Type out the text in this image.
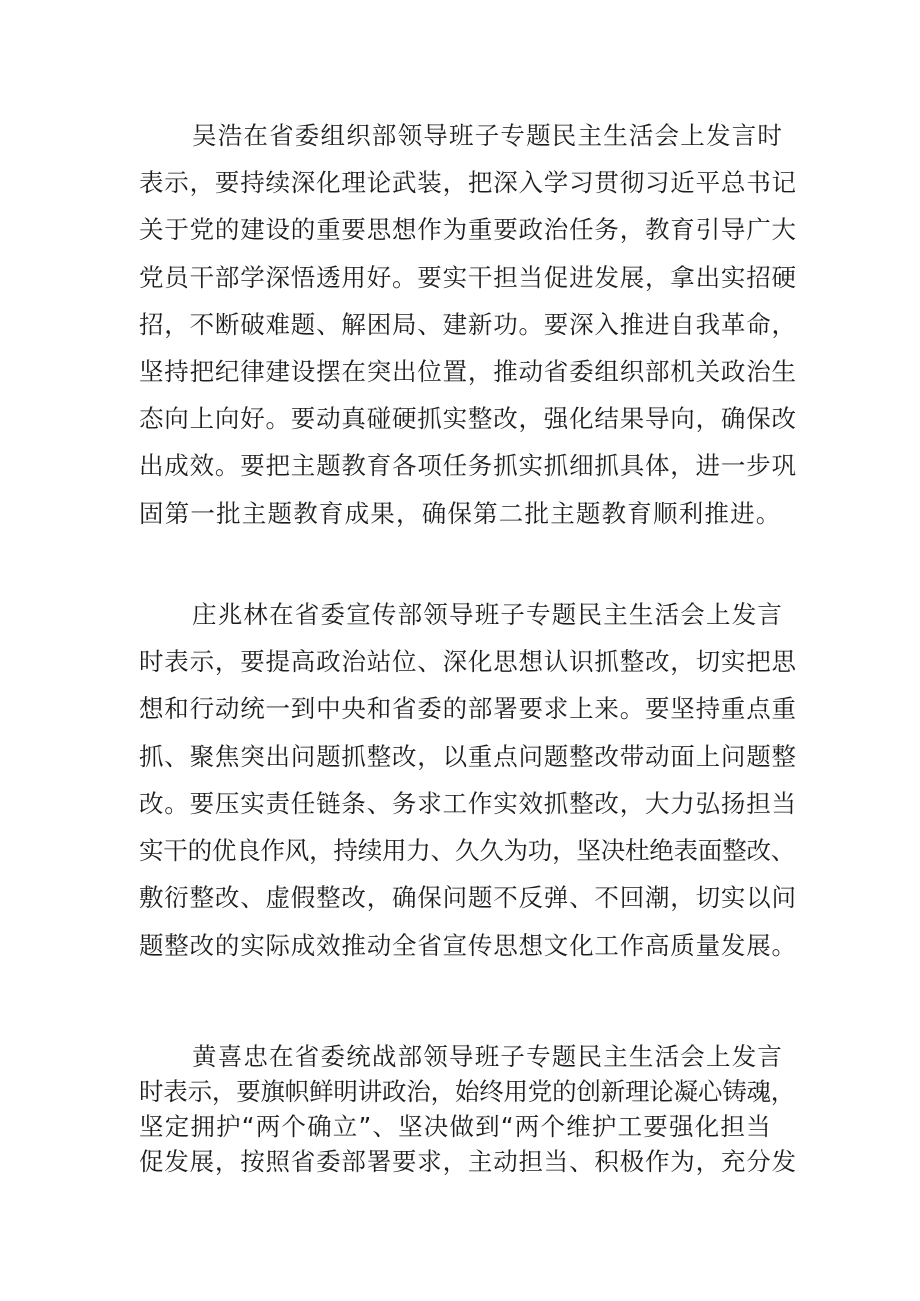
吴浩在省委组织部领导班子专题民主生活会上发言时
表示，要持续深化理论武装，把深入学习贯彻习近平总书记
关于党的建设的重要思想作为重要政治任务，教育引导广大
党员干部学深悟透用好。要实干担当促进发展，拿出实招硬
招，不断破难题、解困局、建新功。要深入推进自我革命，
坚持把纪律建设摆在突出位置，推动省委组织部机关政治生
态向上向好。要动真碰硬抓实整改，强化结果导向，确保改
出成效。要把主题教育各项任务抓实抓细抓具体，进一步巩
固第一批主题教育成果，确保第二批主题教育顺利推进。
庄兆林在省委宣传部领导班子专题民主生活会上发言
时表示，要提高政治站位、深化思想认识抓整改，切实把思
想和行动统一到中央和省委的部署要求上来。要坚持重点重
抓、聚焦突出问题抓整改，以重点问题整改带动面上问题整
改。要压实责任链条、务求工作实效抓整改，大力弘扬担当
实干的优良作风，持续用力、久久为功，坚决杜绝表面整改、
敷衍整改、虚假整改，确保问题不反弹、不回潮，切实以问
题整改的实际成效推动全省宣传思想文化工作高质量发展。
黄喜忠在省委统战部领导班子专题民主生活会上发言
时表示，要旗帜鲜明讲政治，始终用党的创新理论凝心铸魂，
坚定拥护“两个确立”、坚决做到“两个维护工要强化担当
促发展，按照省委部署要求，主动担当、积极作为，充分发
